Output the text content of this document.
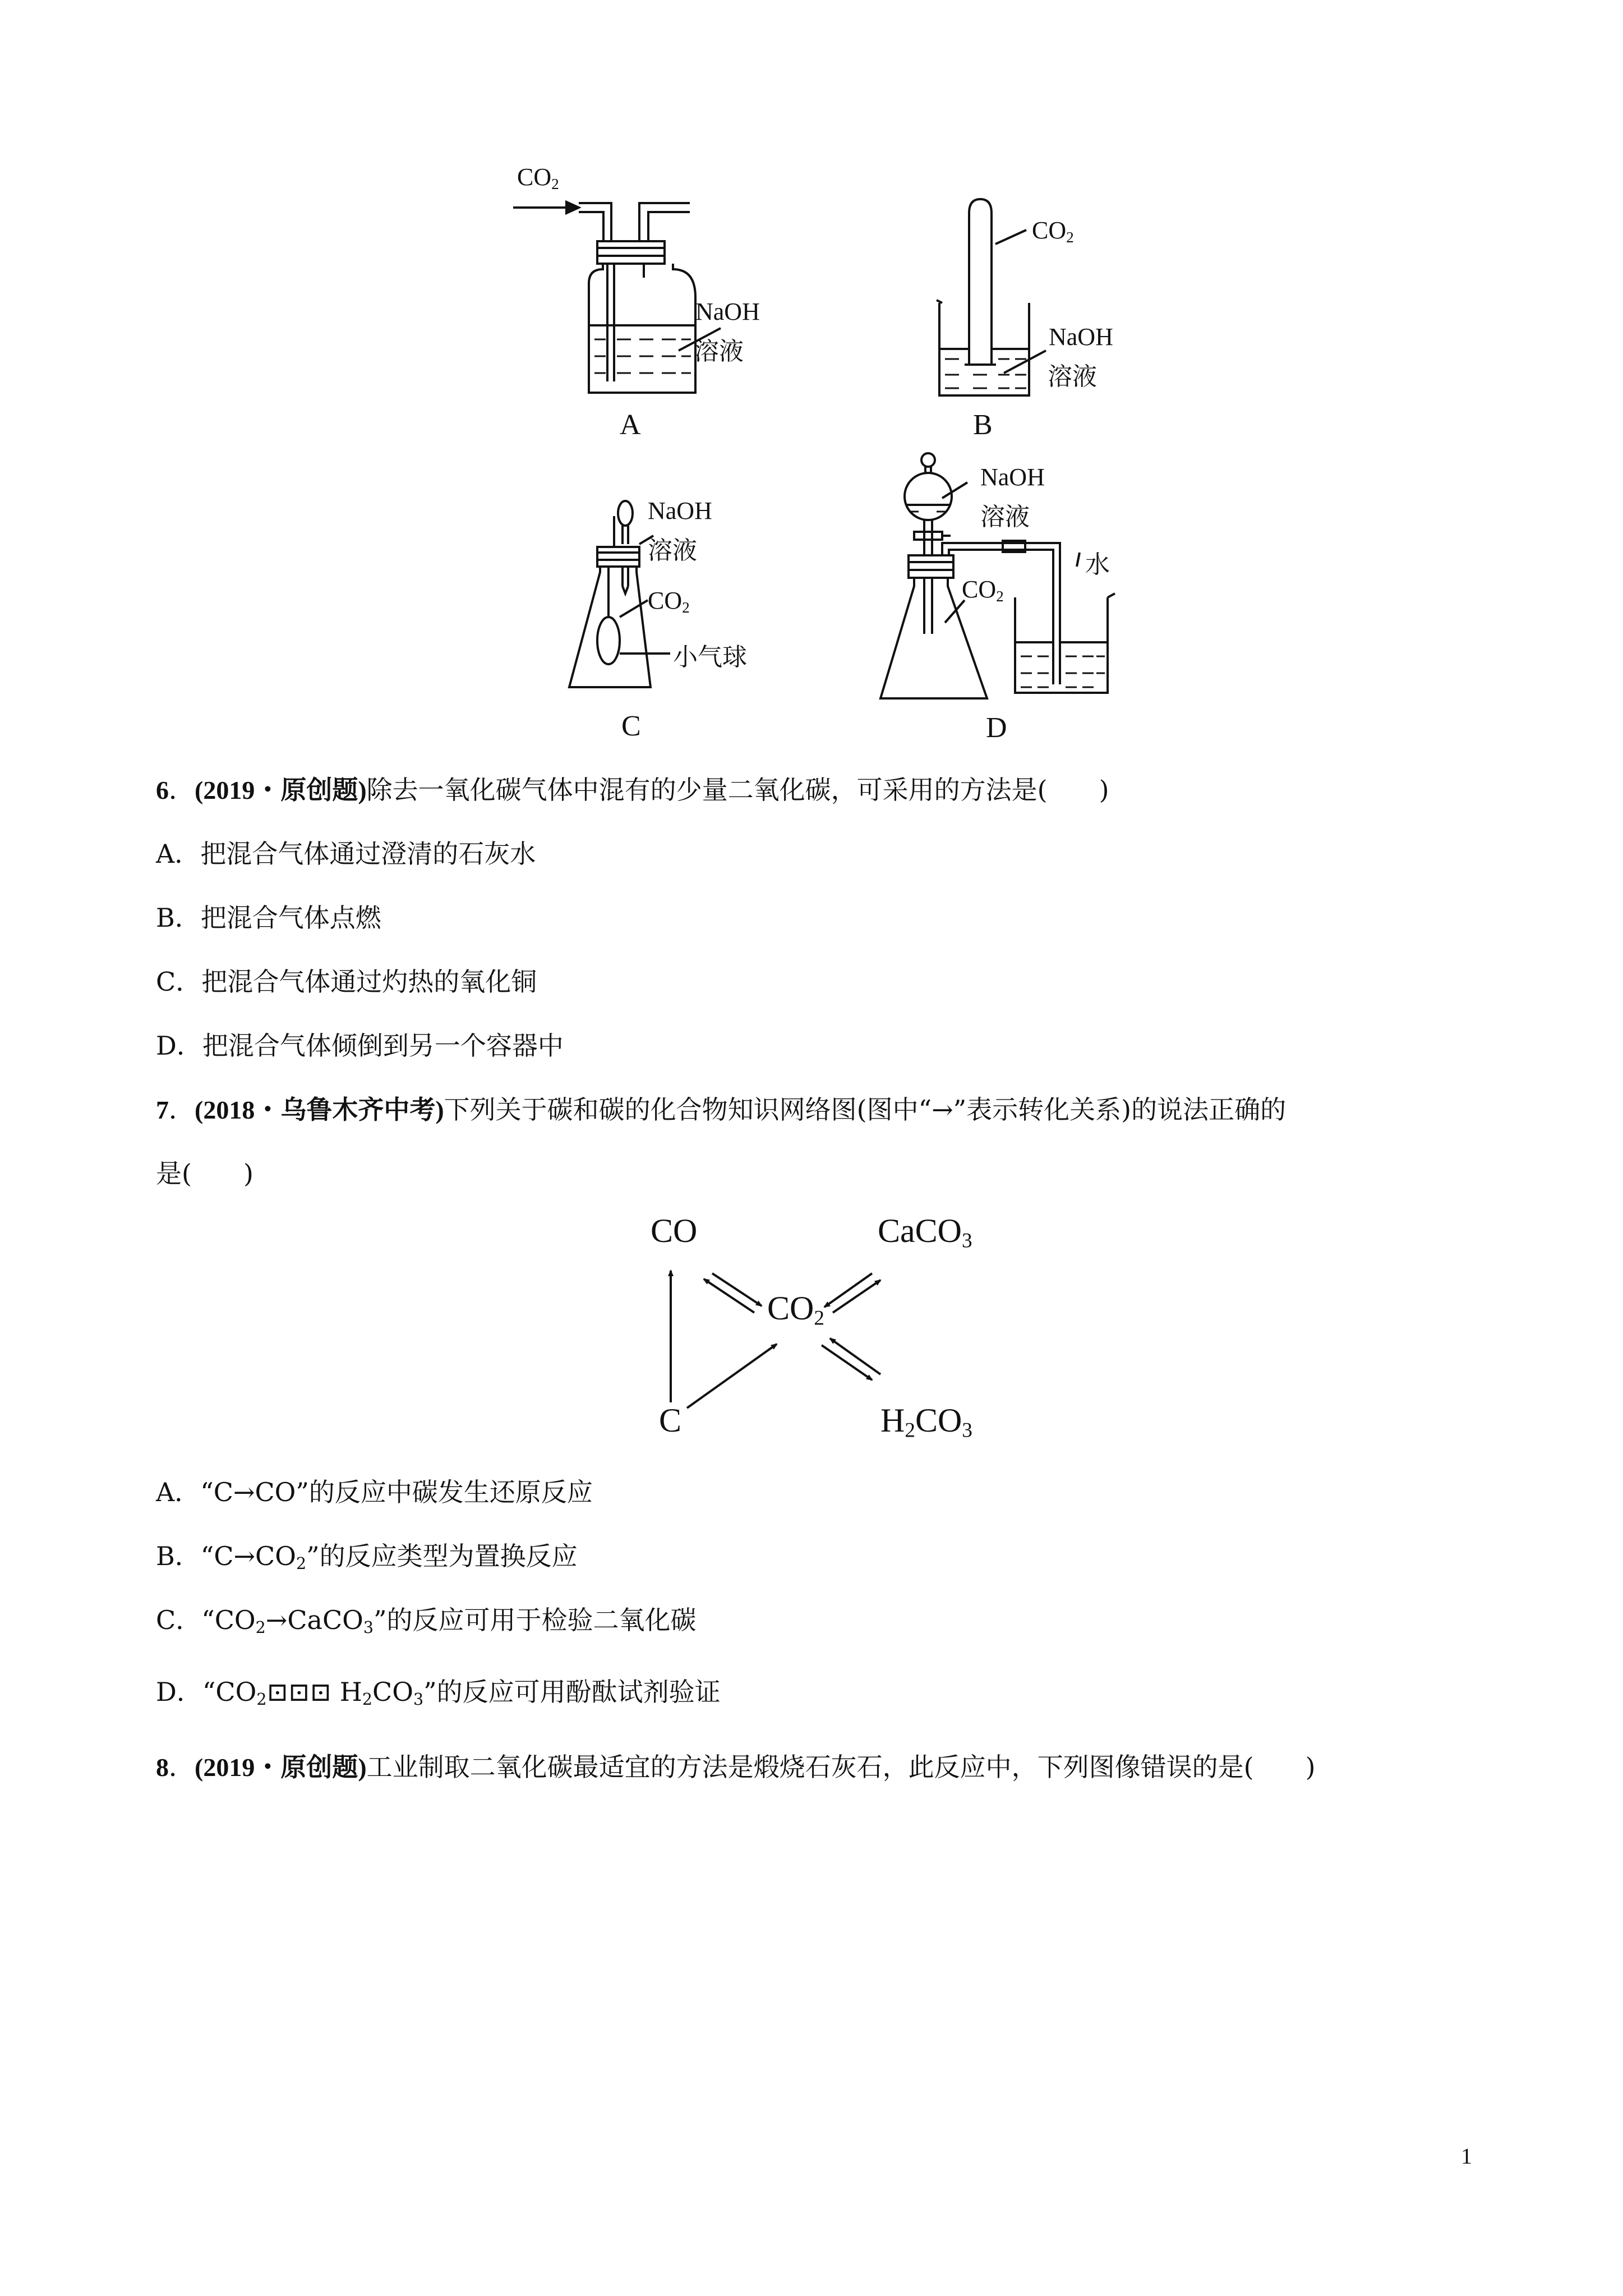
$CO_2$
NaOH
溶液
A
$CO_2$
NaOH
溶液
B
NaOH
溶液
$CO_2$
小气球
C
NaOH
溶液
水
$CO_2$
D
6．(2019・原创题)除去一氧化碳气体中混有的少量二氧化碳，可采用的方法是(　　)
A．把混合气体通过澄清的石灰水
B．把混合气体点燃
C．把混合气体通过灼热的氧化铜
D．把混合气体倾倒到另一个容器中
7．(2018・乌鲁木齐中考)下列关于碳和碳的化合物知识网络图(图中“→”表示转化关系)的说法正确的
是(　　)
CO	CaCO$_3$
$CO_2$
C	$H_2CO_3$
A．“C→CO”的反应中碳发生还原反应
B．“$C\to CO_2$”的反应类型为置换反应
C．“$CO_2\to CaCO_3$”的反应可用于检验二氧化碳
D．“$CO_2⊡⊡⊡$ $H_2CO_3$”的反应可用酚酞试剂验证
8．(2019・原创题)工业制取二氧化碳最适宜的方法是煅烧石灰石，此反应中，下列图像错误的是(　　)
1
